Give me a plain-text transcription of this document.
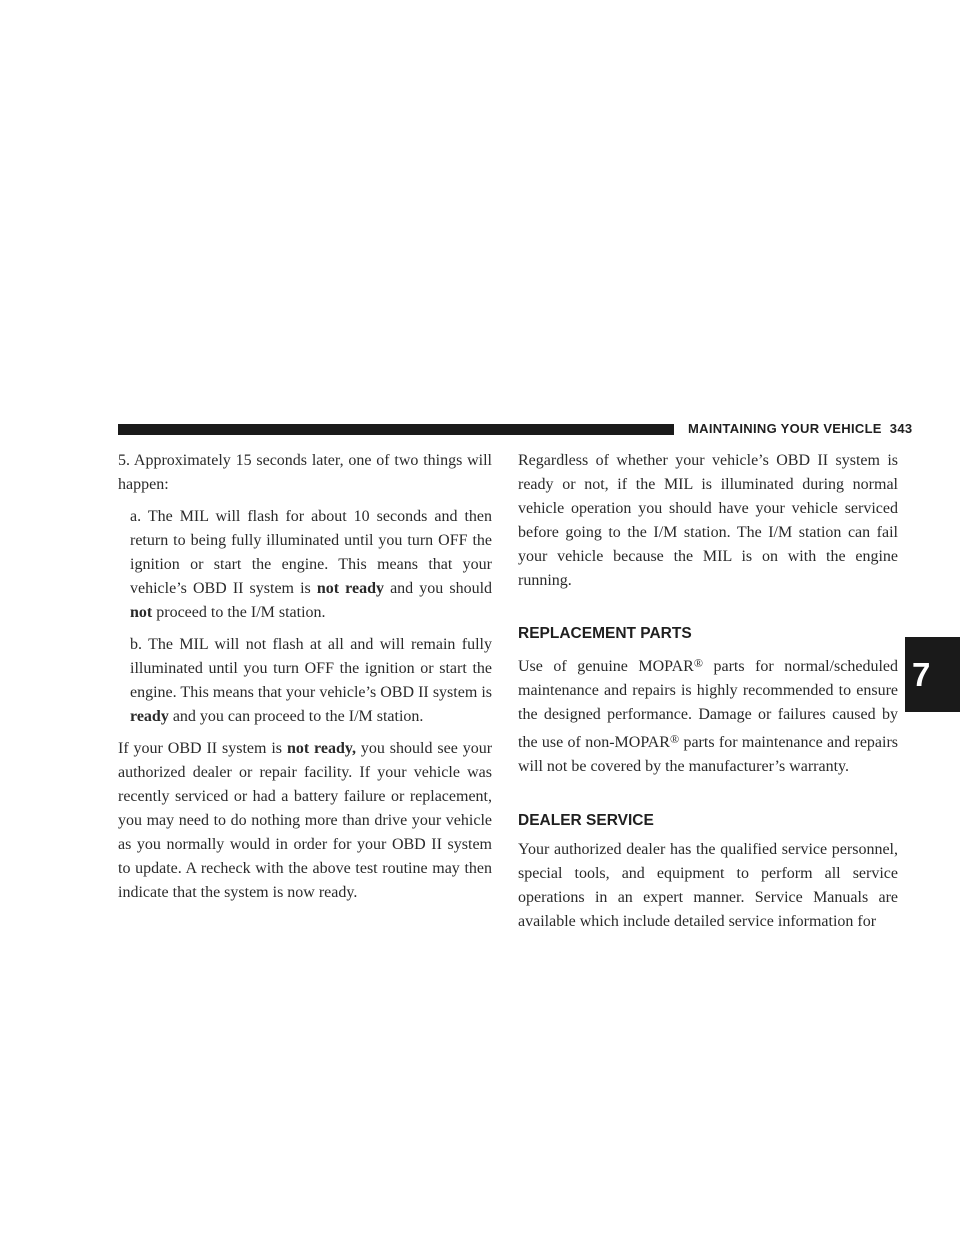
MAINTAINING YOUR VEHICLE 343
7

5. Approximately 15 seconds later, one of two things will happen:

a. The MIL will flash for about 10 seconds and then return to being fully illuminated until you turn OFF the ignition or start the engine. This means that your vehicle’s OBD II system is not ready and you should not proceed to the I/M station.

b. The MIL will not flash at all and will remain fully illuminated until you turn OFF the ignition or start the engine. This means that your vehicle’s OBD II system is ready and you can proceed to the I/M station.

If your OBD II system is not ready, you should see your authorized dealer or repair facility. If your vehicle was recently serviced or had a battery failure or replacement, you may need to do nothing more than drive your vehicle as you normally would in order for your OBD II system to update. A recheck with the above test routine may then indicate that the system is now ready.

Regardless of whether your vehicle’s OBD II system is ready or not, if the MIL is illuminated during normal vehicle operation you should have your vehicle serviced before going to the I/M station. The I/M station can fail your vehicle because the MIL is on with the engine running.

REPLACEMENT PARTS

Use of genuine MOPAR® parts for normal/scheduled maintenance and repairs is highly recommended to ensure the designed performance. Damage or failures caused by the use of non-MOPAR® parts for maintenance and repairs will not be covered by the manufacturer’s warranty.

DEALER SERVICE

Your authorized dealer has the qualified service personnel, special tools, and equipment to perform all service operations in an expert manner. Service Manuals are available which include detailed service information for
